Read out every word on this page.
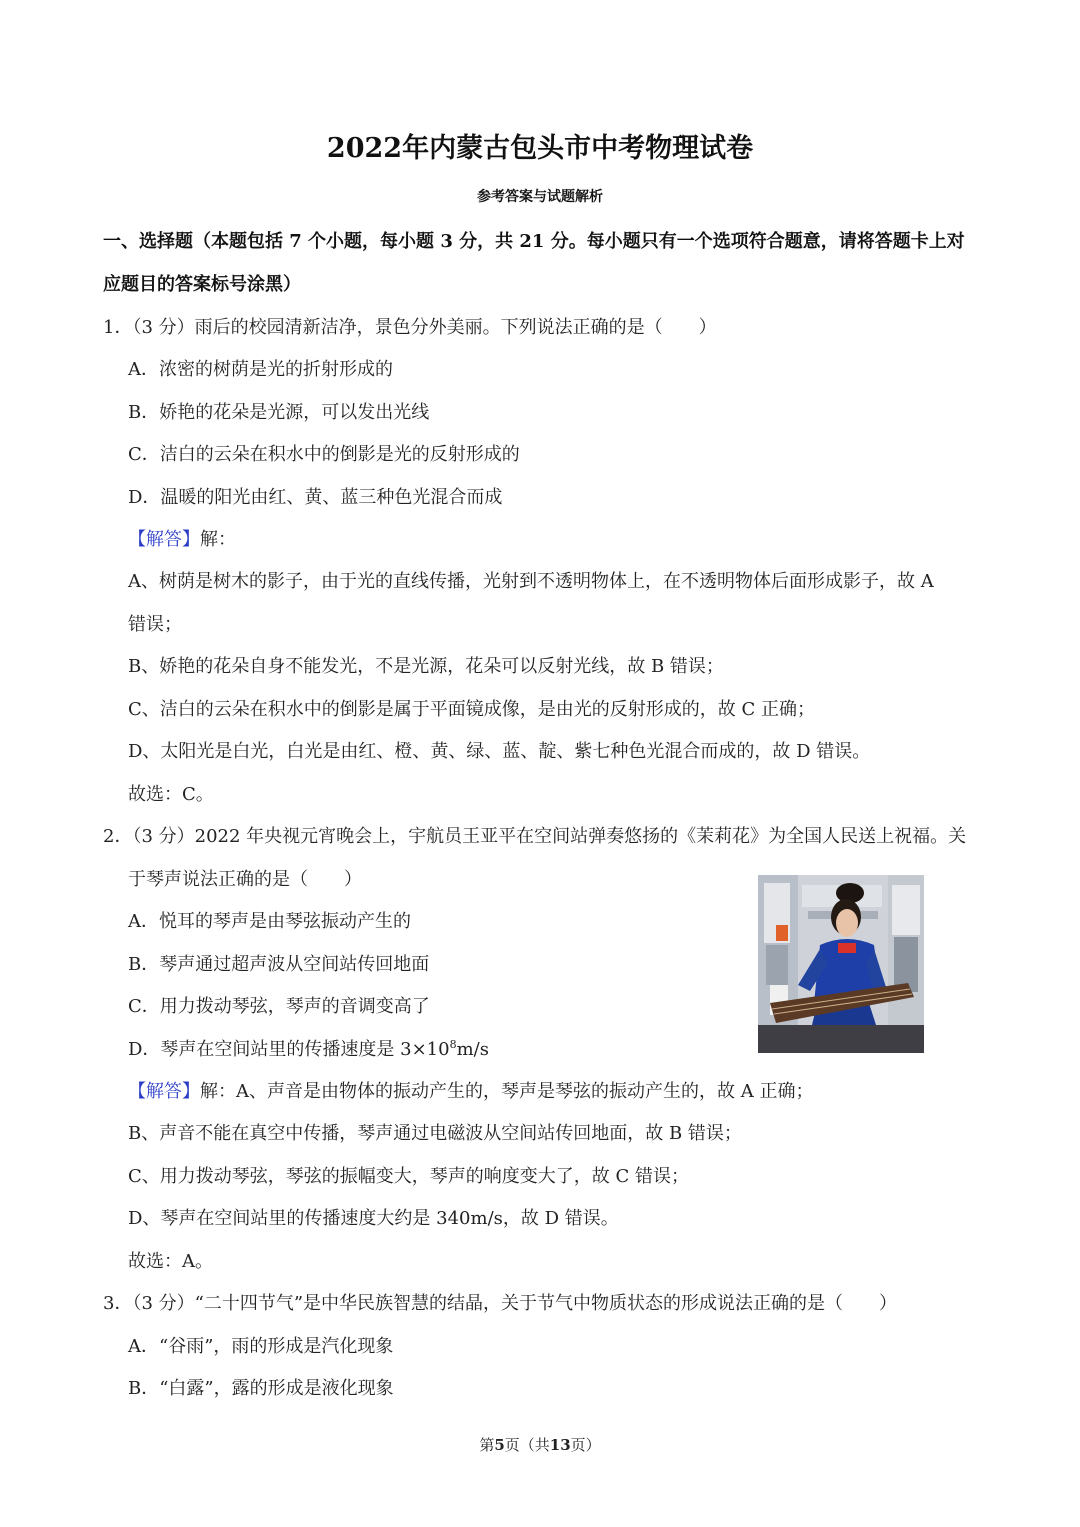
2022年内蒙古包头市中考物理试卷
参考答案与试题解析
一、选择题（本题包括 7 个小题，每小题 3 分，共 21 分。每小题只有一个选项符合题意，请将答题卡上对
应题目的答案标号涂黑）
1．（3 分）雨后的校园清新洁净，景色分外美丽。下列说法正确的是（　　）
A．浓密的树荫是光的折射形成的
B．娇艳的花朵是光源，可以发出光线
C．洁白的云朵在积水中的倒影是光的反射形成的
D．温暖的阳光由红、黄、蓝三种色光混合而成
【解答】解：
A、树荫是树木的影子，由于光的直线传播，光射到不透明物体上，在不透明物体后面形成影子，故 A
错误；
B、娇艳的花朵自身不能发光，不是光源，花朵可以反射光线，故 B 错误；
C、洁白的云朵在积水中的倒影是属于平面镜成像，是由光的反射形成的，故 C 正确；
D、太阳光是白光，白光是由红、橙、黄、绿、蓝、靛、紫七种色光混合而成的，故 D 错误。
故选：C。
2．（3 分）2022 年央视元宵晚会上，宇航员王亚平在空间站弹奏悠扬的《茉莉花》为全国人民送上祝福。关
于琴声说法正确的是（　　）
A．悦耳的琴声是由琴弦振动产生的
B．琴声通过超声波从空间站传回地面
C．用力拨动琴弦，琴声的音调变高了
D．琴声在空间站里的传播速度是 $3\times 10^8m/s$
【解答】解：A、声音是由物体的振动产生的，琴声是琴弦的振动产生的，故 A 正确；
B、声音不能在真空中传播，琴声通过电磁波从空间站传回地面，故 B 错误；
C、用力拨动琴弦，琴弦的振幅变大，琴声的响度变大了，故 C 错误；
D、琴声在空间站里的传播速度大约是 340m/s，故 D 错误。
故选：A。
3．（3 分）“二十四节气”是中华民族智慧的结晶，关于节气中物质状态的形成说法正确的是（　　）
A．“谷雨”，雨的形成是汽化现象
B．“白露”，露的形成是液化现象
第5页（共13页）
